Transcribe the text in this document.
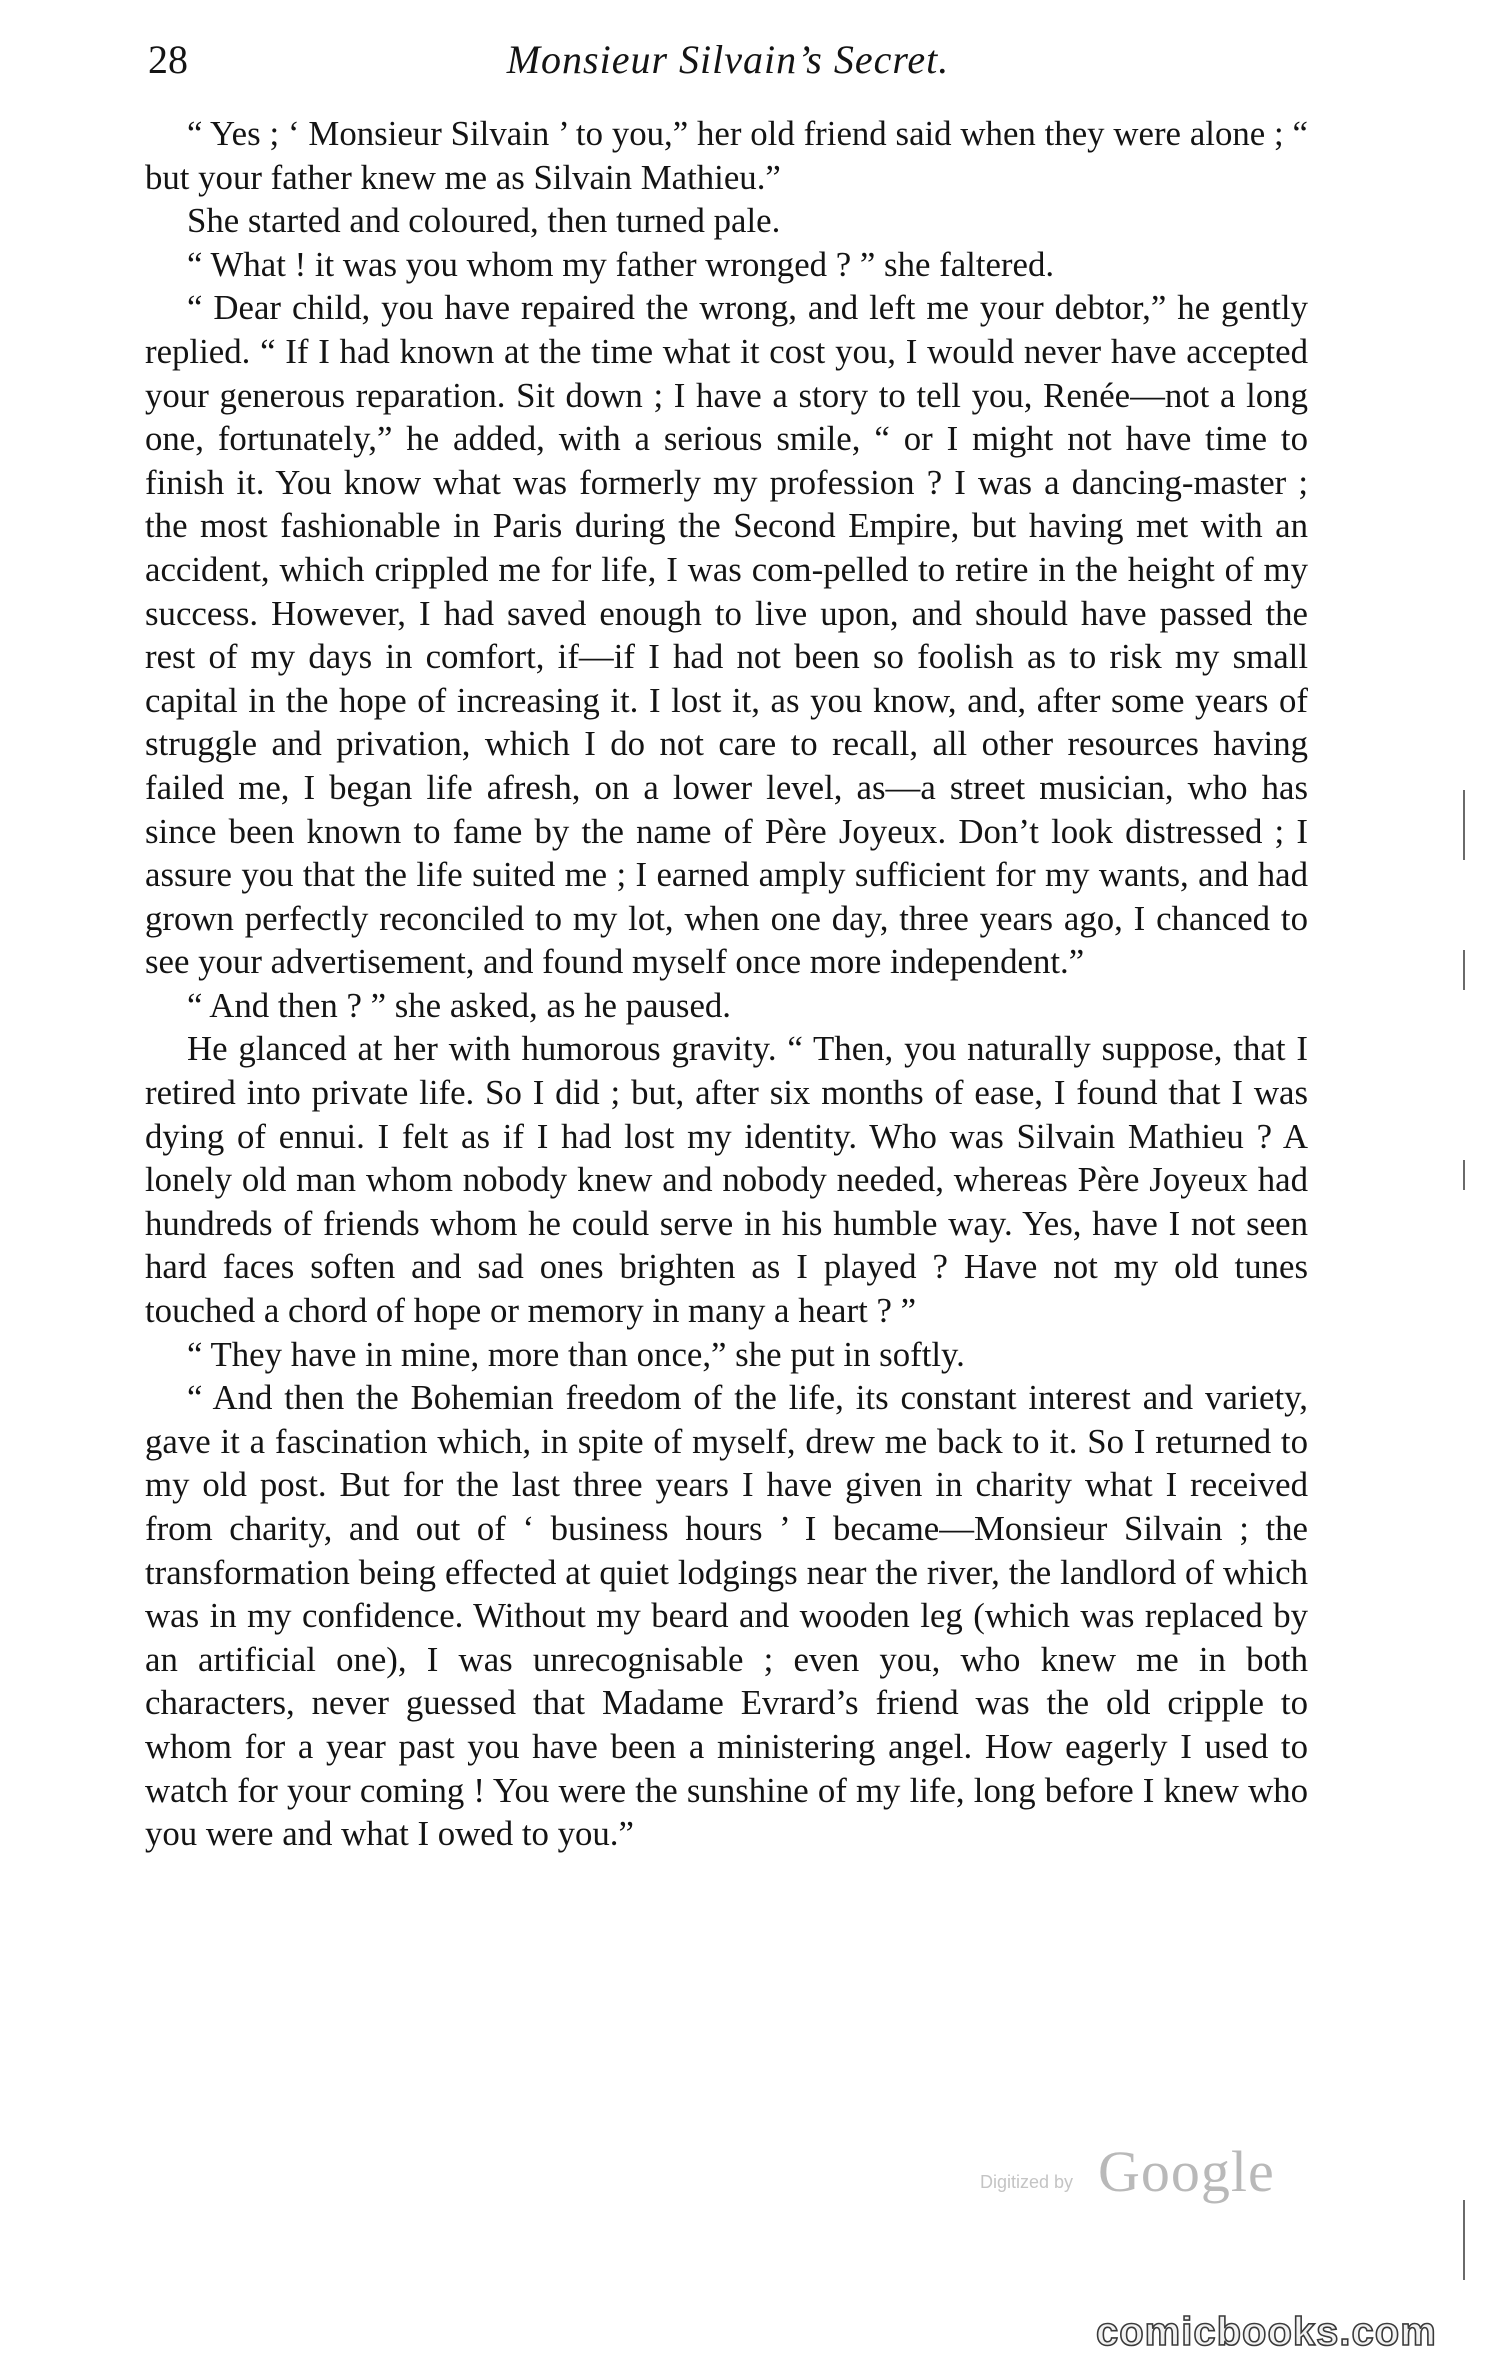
28	Monsieur Silvain’s Secret.

“ Yes ; ‘ Monsieur Silvain ’ to you,” her old friend said when they were alone ; “ but your father knew me as Silvain Mathieu.”

She started and coloured, then turned pale.

“ What ! it was you whom my father wronged ? ” she faltered.

“ Dear child, you have repaired the wrong, and left me your debtor,” he gently replied. “ If I had known at the time what it cost you, I would never have accepted your generous reparation. Sit down ; I have a story to tell you, Renée—not a long one, fortunately,” he added, with a serious smile, “ or I might not have time to finish it. You know what was formerly my profession ? I was a dancing-master ; the most fashionable in Paris during the Second Empire, but having met with an accident, which crippled me for life, I was com-pelled to retire in the height of my success. However, I had saved enough to live upon, and should have passed the rest of my days in comfort, if—if I had not been so foolish as to risk my small capital in the hope of increasing it. I lost it, as you know, and, after some years of struggle and privation, which I do not care to recall, all other resources having failed me, I began life afresh, on a lower level, as—a street musician, who has since been known to fame by the name of Père Joyeux. Don’t look distressed ; I assure you that the life suited me ; I earned amply sufficient for my wants, and had grown perfectly reconciled to my lot, when one day, three years ago, I chanced to see your advertisement, and found myself once more independent.”

“ And then ? ” she asked, as he paused.

He glanced at her with humorous gravity. “ Then, you naturally suppose, that I retired into private life. So I did ; but, after six months of ease, I found that I was dying of ennui. I felt as if I had lost my identity. Who was Silvain Mathieu ? A lonely old man whom nobody knew and nobody needed, whereas Père Joyeux had hundreds of friends whom he could serve in his humble way. Yes, have I not seen hard faces soften and sad ones brighten as I played ? Have not my old tunes touched a chord of hope or memory in many a heart ? ”

“ They have in mine, more than once,” she put in softly.

“ And then the Bohemian freedom of the life, its constant interest and variety, gave it a fascination which, in spite of myself, drew me back to it. So I returned to my old post. But for the last three years I have given in charity what I received from charity, and out of ‘ business hours ’ I became—Monsieur Silvain ; the transformation being effected at quiet lodgings near the river, the landlord of which was in my confidence. Without my beard and wooden leg (which was replaced by an artificial one), I was unrecognisable ; even you, who knew me in both characters, never guessed that Madame Evrard’s friend was the old cripple to whom for a year past you have been a ministering angel. How eagerly I used to watch for your coming ! You were the sunshine of my life, long before I knew who you were and what I owed to you.”

Digitized by Google
comicbooks.com
